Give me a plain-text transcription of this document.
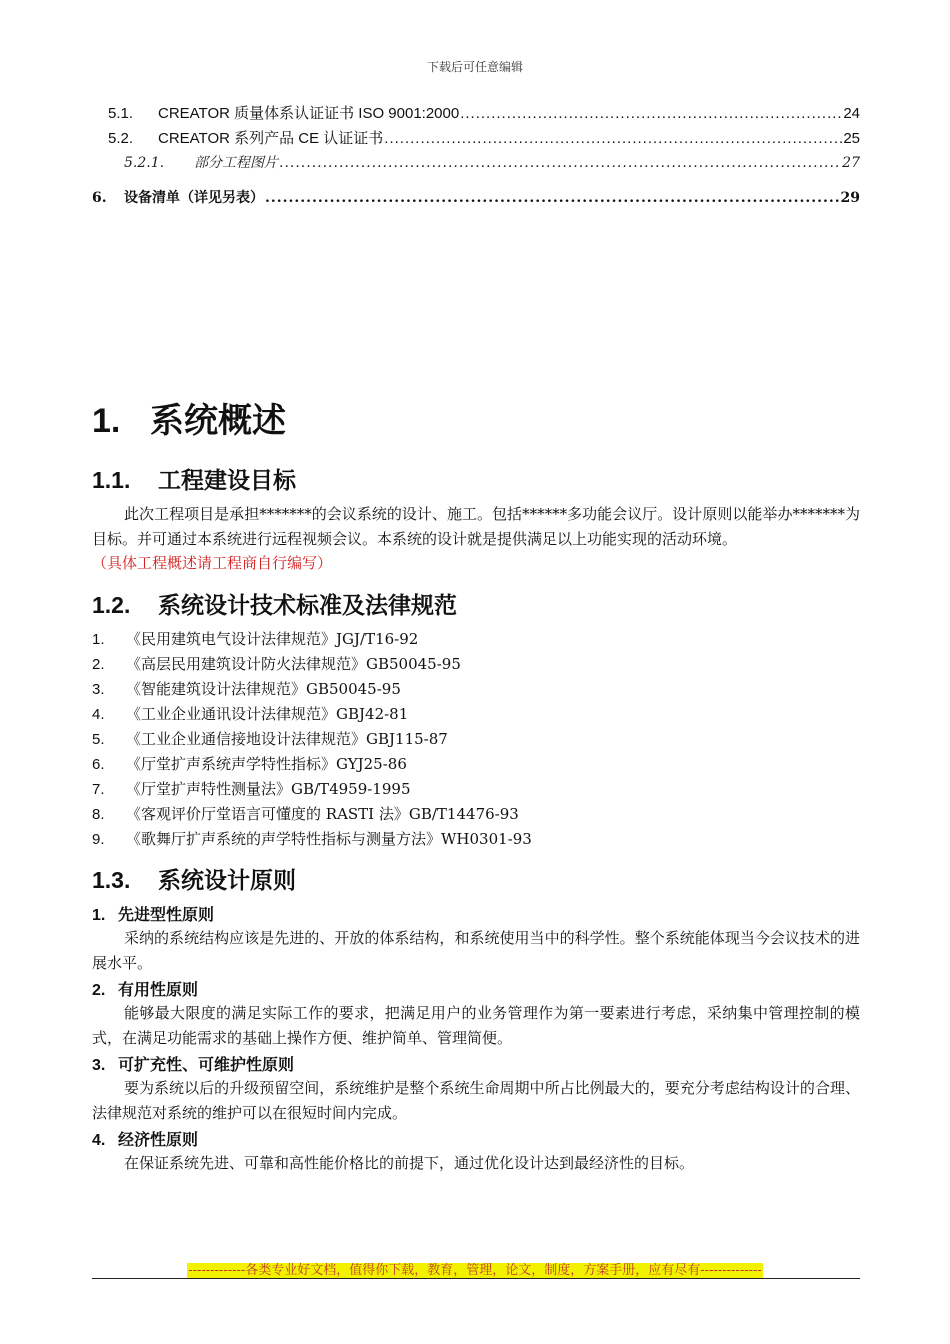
下载后可任意编辑
5.1.	CREATOR 质量体系认证证书 ISO 9001:2000 .....	24
5.2.	CREATOR 系列产品 CE 认证证书 .....	25
5.2.1.	部分工程图片 .....	27
6.	设备清单（详见另表） .....	29
1. 系统概述
1.1. 工程建设目标
此次工程项目是承担*******的会议系统的设计、施工。包括******多功能会议厅。设计原则以能举办*******为目标。并可通过本系统进行远程视频会议。本系统的设计就是提供满足以上功能实现的活动环境。
（具体工程概述请工程商自行编写）
1.2. 系统设计技术标准及法律规范
1. 《民用建筑电气设计法律规范》JGJ/T16-92
2. 《高层民用建筑设计防火法律规范》GB50045-95
3. 《智能建筑设计法律规范》GB50045-95
4. 《工业企业通讯设计法律规范》GBJ42-81
5. 《工业企业通信接地设计法律规范》GBJ115-87
6. 《厅堂扩声系统声学特性指标》GYJ25-86
7. 《厅堂扩声特性测量法》GB/T4959-1995
8. 《客观评价厅堂语言可懂度的 RASTI 法》GB/T14476-93
9. 《歌舞厅扩声系统的声学特性指标与测量方法》WH0301-93
1.3. 系统设计原则
1. 先进型性原则
采纳的系统结构应该是先进的、开放的体系结构，和系统使用当中的科学性。整个系统能体现当今会议技术的进展水平。
2. 有用性原则
能够最大限度的满足实际工作的要求，把满足用户的业务管理作为第一要素进行考虑，采纳集中管理控制的模式，在满足功能需求的基础上操作方便、维护简单、管理简便。
3. 可扩充性、可维护性原则
要为系统以后的升级预留空间，系统维护是整个系统生命周期中所占比例最大的，要充分考虑结构设计的合理、法律规范对系统的维护可以在很短时间内完成。
4. 经济性原则
在保证系统先进、可靠和高性能价格比的前提下，通过优化设计达到最经济性的目标。
-------------各类专业好文档，值得你下载，教育，管理，论文，制度，方案手册，应有尽有--------------
